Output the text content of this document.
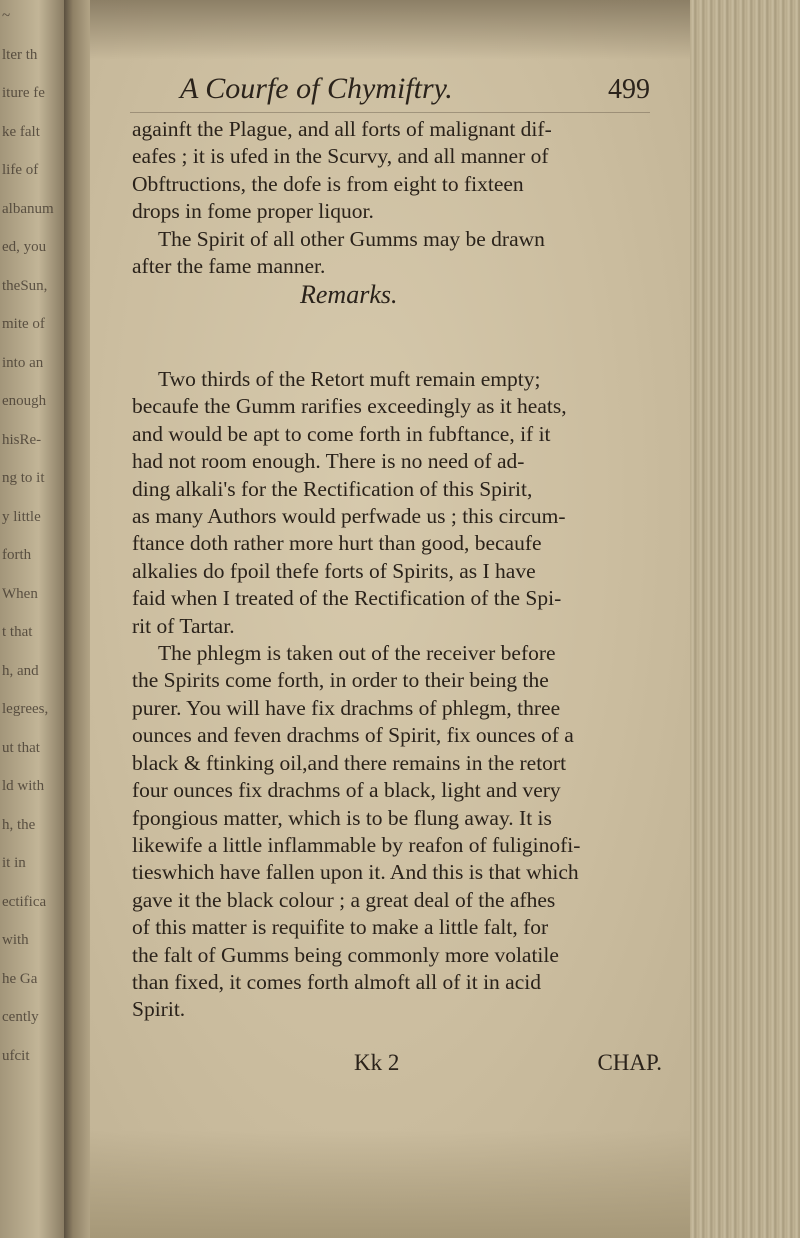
~
lter th
iture fe
ke falt
life of
albanum
ed, you
theSun,
mite of
into an
enough
hisRe-
ng to it
y little
forth
When
t that
h, and
legrees,
ut that
ld with
h, the
it in
ectifica
with
he Ga
cently
ufcit
A Courfe of Chymiftry.	499
againft the Plague, and all forts of malignant dif-
eafes ; it is ufed in the Scurvy, and all manner of
Obftructions, the dofe is from eight to fixteen
drops in fome proper liquor.
The Spirit of all other Gumms may be drawn
after the fame manner.
Remarks.
Two thirds of the Retort muft remain empty;
becaufe the Gumm rarifies exceedingly as it heats,
and would be apt to come forth in fubftance, if it
had not room enough. There is no need of ad-
ding alkali's for the Rectification of this Spirit,
as many Authors would perfwade us ; this circum-
ftance doth rather more hurt than good, becaufe
alkalies do fpoil thefe forts of Spirits, as I have
faid when I treated of the Rectification of the Spi-
rit of Tartar.
The phlegm is taken out of the receiver before
the Spirits come forth, in order to their being the
purer. You will have fix drachms of phlegm, three
ounces and feven drachms of Spirit, fix ounces of a
black & ftinking oil,and there remains in the retort
four ounces fix drachms of a black, light and very
fpongious matter, which is to be flung away. It is
likewife a little inflammable by reafon of fuliginofi-
tieswhich have fallen upon it. And this is that which
gave it the black colour ; a great deal of the afhes
of this matter is requifite to make a little falt, for
the falt of Gumms being commonly more volatile
than fixed, it comes forth almoft all of it in acid
Spirit.
Kk 2	CHAP.
